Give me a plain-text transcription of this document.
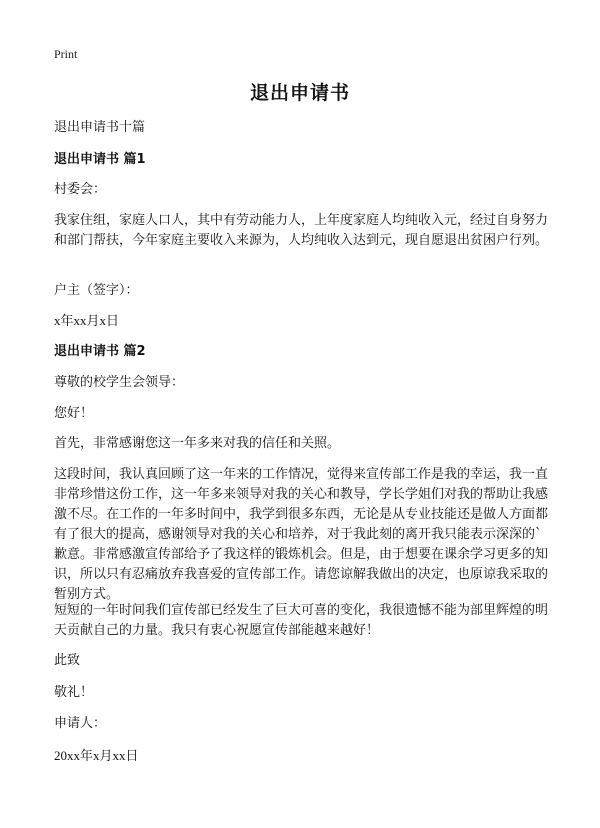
Print
退出申请书
退出申请书十篇
退出申请书 篇1
村委会：
我家住组，家庭人口人，其中有劳动能力人，上年度家庭人均纯收入元，经过自身努力和部门帮扶，今年家庭主要收入来源为，人均纯收入达到元，现自愿退出贫困户行列。
户主（签字）：
x年xx月x日
退出申请书 篇2
尊敬的校学生会领导：
您好！
首先，非常感谢您这一年多来对我的信任和关照。
这段时间，我认真回顾了这一年来的工作情况，觉得来宣传部工作是我的幸运，我一直非常珍惜这份工作，这一年多来领导对我的关心和教导，学长学姐们对我的帮助让我感激不尽。在工作的一年多时间中，我学到很多东西，无论是从专业技能还是做人方面都有了很大的提高，感谢领导对我的关心和培养，对于我此刻的离开我只能表示深深的`歉意。非常感激宣传部给予了我这样的锻炼机会。但是，由于想要在课余学习更多的知识，所以只有忍痛放弃我喜爱的宣传部工作。请您谅解我做出的决定，也原谅我采取的暂别方式。
短短的一年时间我们宣传部已经发生了巨大可喜的变化，我很遗憾不能为部里辉煌的明天贡献自己的力量。我只有衷心祝愿宣传部能越来越好！
此致
敬礼！
申请人：
20xx年x月xx日
